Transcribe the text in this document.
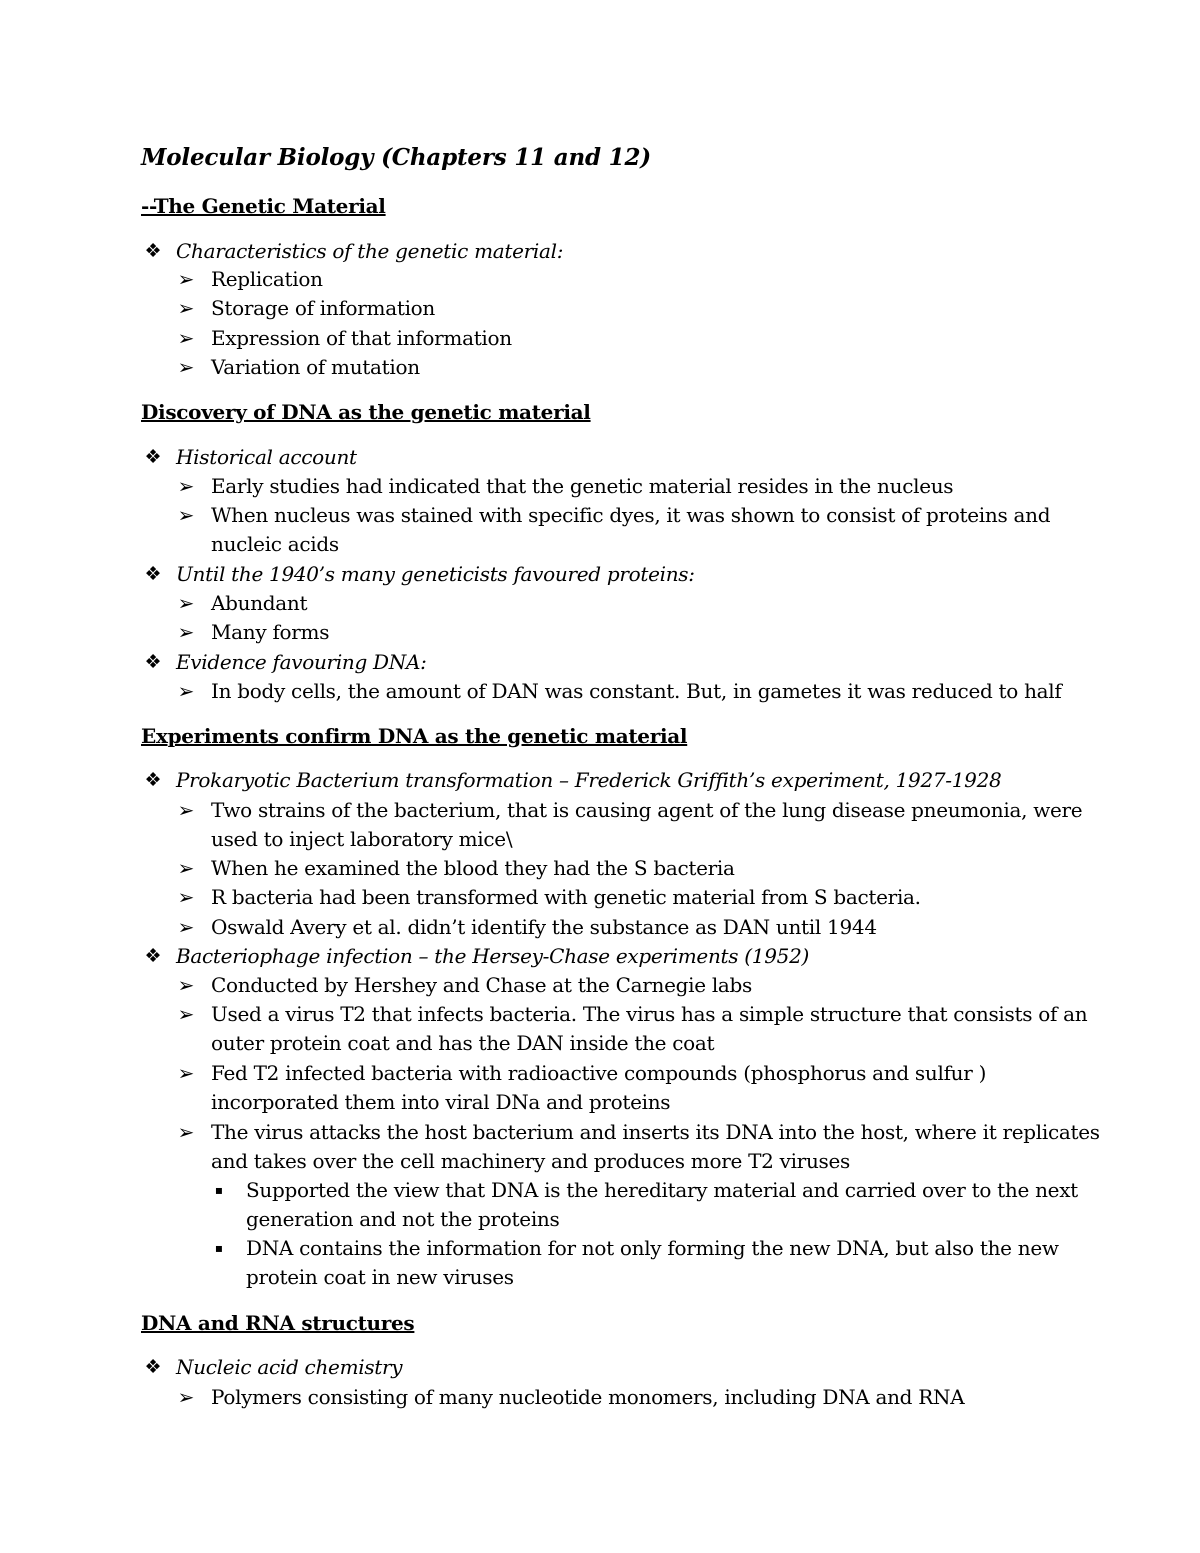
Molecular Biology (Chapters 11 and 12)
--The Genetic Material
❖ Characteristics of the genetic material:
➢ Replication
➢ Storage of information
➢ Expression of that information
➢ Variation of mutation
Discovery of DNA as the genetic material
❖ Historical account
➢ Early studies had indicated that the genetic material resides in the nucleus
➢ When nucleus was stained with specific dyes, it was shown to consist of proteins and
nucleic acids
❖ Until the 1940’s many geneticists favoured proteins:
➢ Abundant
➢ Many forms
❖ Evidence favouring DNA:
➢ In body cells, the amount of DAN was constant. But, in gametes it was reduced to half
Experiments confirm DNA as the genetic material
❖ Prokaryotic Bacterium transformation – Frederick Griffith’s experiment, 1927-1928
➢ Two strains of the bacterium, that is causing agent of the lung disease pneumonia, were
used to inject laboratory mice\
➢ When he examined the blood they had the S bacteria
➢ R bacteria had been transformed with genetic material from S bacteria.
➢ Oswald Avery et al. didn’t identify the substance as DAN until 1944
❖ Bacteriophage infection – the Hersey-Chase experiments (1952)
➢ Conducted by Hershey and Chase at the Carnegie labs
➢ Used a virus T2 that infects bacteria. The virus has a simple structure that consists of an
outer protein coat and has the DAN inside the coat
➢ Fed T2 infected bacteria with radioactive compounds (phosphorus and sulfur )
incorporated them into viral DNa and proteins
➢ The virus attacks the host bacterium and inserts its DNA into the host, where it replicates
and takes over the cell machinery and produces more T2 viruses
▪	Supported the view that DNA is the hereditary material and carried over to the next
generation and not the proteins
▪	DNA contains the information for not only forming the new DNA, but also the new
protein coat in new viruses
DNA and RNA structures
❖ Nucleic acid chemistry
➢ Polymers consisting of many nucleotide monomers, including DNA and RNA
